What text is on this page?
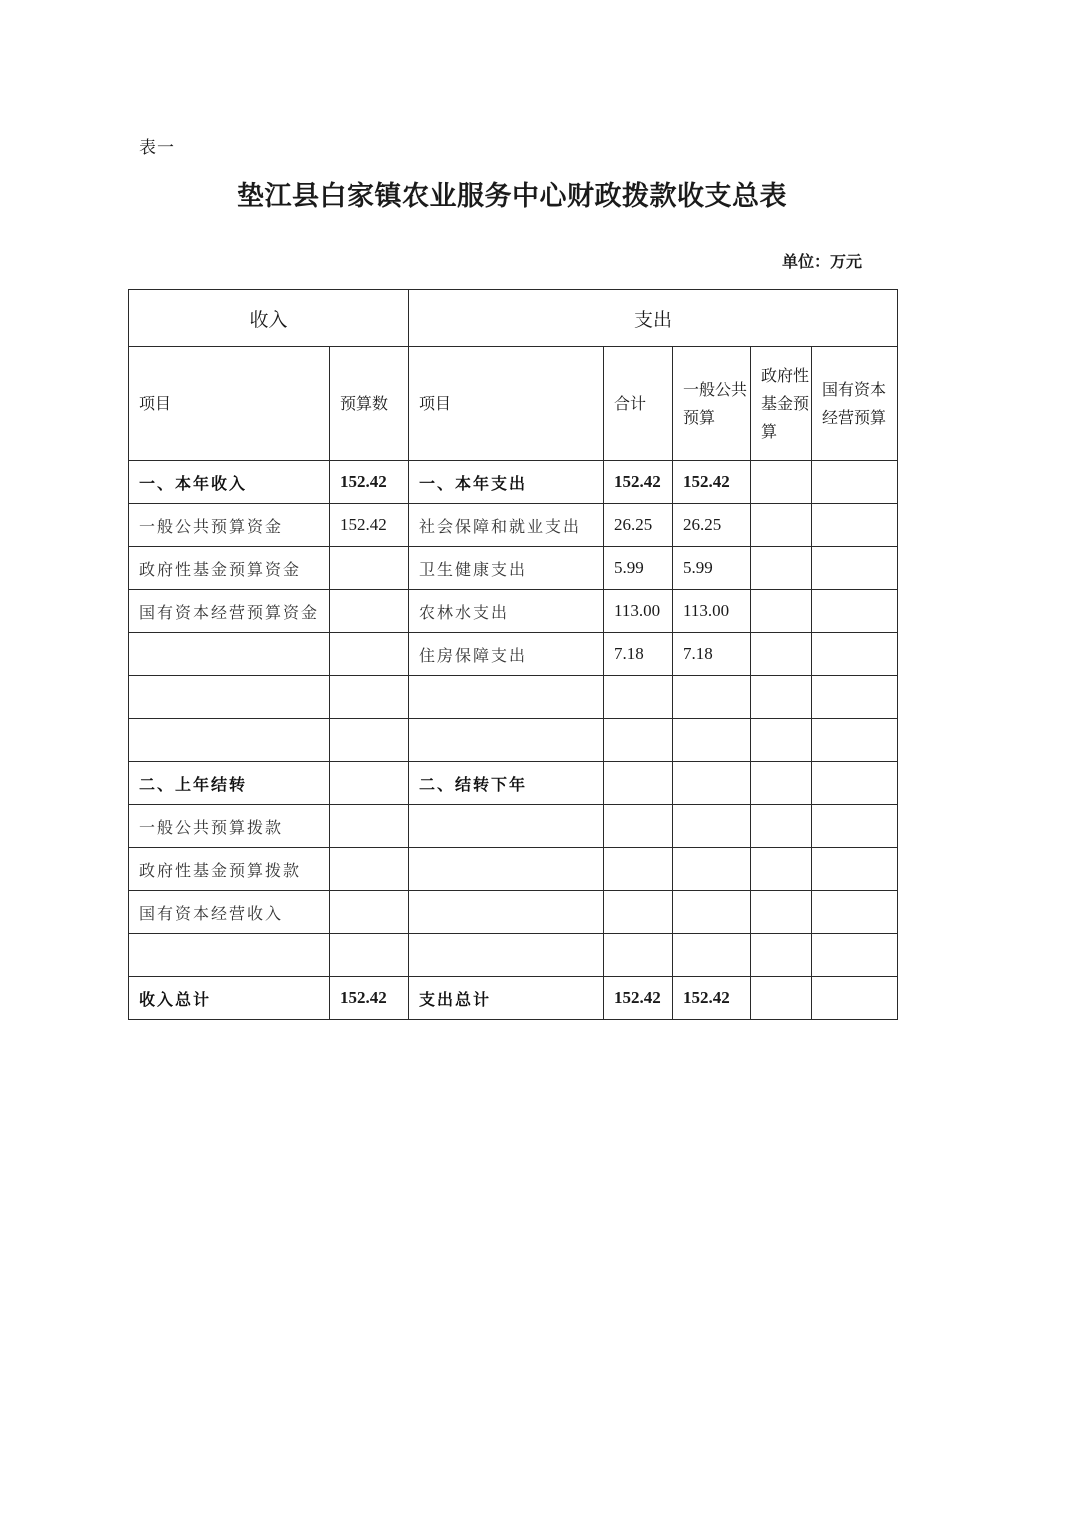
表一
垫江县白家镇农业服务中心财政拨款收支总表
单位：万元
收入		支出				
项目	预算数	项目	合计	一般公共预算	政府性基金预算	国有资本经营预算
一、本年收入	152.42	一、本年支出	152.42	152.42		
一般公共预算资金	152.42	社会保障和就业支出	26.25	26.25		
政府性基金预算资金		卫生健康支出	5.99	5.99		
国有资本经营预算资金		农林水支出	113.00	113.00		
		住房保障支出	7.18	7.18		

二、上年结转		二、结转下年				
一般公共预算拨款						
政府性基金预算拨款						
国有资本经营收入						

收入总计	152.42	支出总计	152.42	152.42		
